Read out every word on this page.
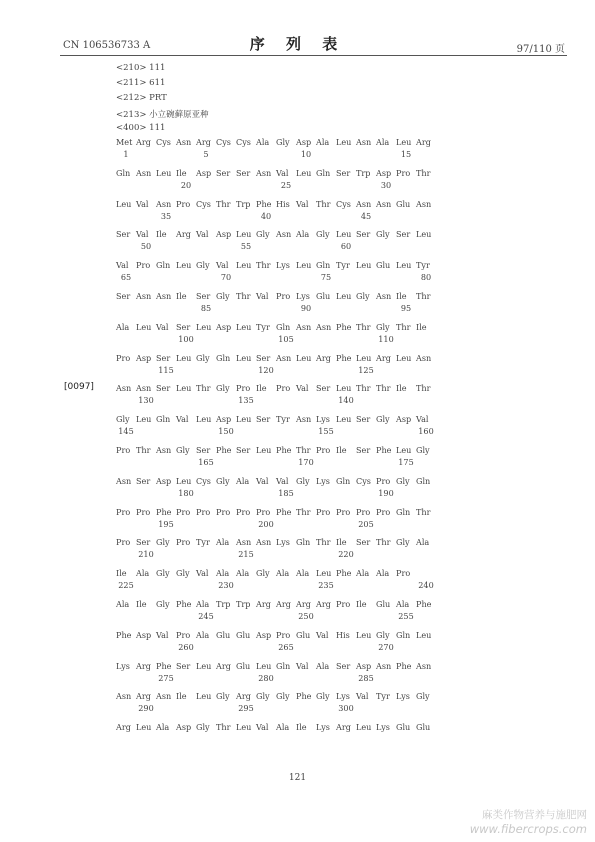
CN 106536733 A	序 列 表	97/110 页
<210> 111
<211> 611
<212> PRT
<213> 小立碗藓原亚种
<400> 111
[0097]
Met Arg Cys Asn Arg Cys Cys Ala Gly Asp Ala Leu Asn Ala Leu Arg
1	5	10	15
Gln Asn Leu Ile	Asp Ser Ser Asn Val Leu Gln Ser Trp Asp Pro Thr
20	25	30
Leu Val Asn Pro Cys Thr Trp Phe His Val Thr Cys Asn Asn Glu Asn
35	40	45
Ser Val Ile	Arg Val Asp Leu Gly Asn Ala Gly Leu Ser Gly Ser Leu
50	55	60
Val Pro Gln Leu Gly Val Leu Thr Lys Leu Gln Tyr Leu Glu Leu Tyr
65	70	75	80
Ser Asn Asn Ile	Ser Gly Thr Val Pro Lys Glu Leu Gly Asn Ile	Thr
85	90	95
Ala Leu Val Ser Leu Asp Leu Tyr Gln Asn Asn Phe Thr Gly Thr Ile
100	105	110
Pro Asp Ser Leu Gly Gln Leu Ser Asn Leu Arg Phe Leu Arg Leu Asn
115	120	125
Asn Asn Ser Leu Thr Gly Pro Ile	Pro Val Ser Leu Thr Thr Ile	Thr
130	135	140
Gly Leu Gln Val Leu Asp Leu Ser Tyr Asn Lys Leu Ser Gly Asp Val
145	150	155	160
Pro Thr Asn Gly Ser Phe Ser Leu Phe Thr Pro Ile	Ser Phe Leu Gly
165	170	175
Asn Ser Asp Leu Cys Gly Ala Val Val Gly Lys Gln Cys Pro Gly Gln
180	185	190
Pro Pro Phe Pro Pro Pro Pro Pro Phe Thr Pro Pro Pro Pro Gln Thr
195	200	205
Pro Ser Gly Pro Tyr Ala Asn Asn Lys Gln Thr Ile	Ser Thr Gly Ala
210	215	220
Ile	Ala Gly Gly Val Ala Ala Gly Ala Ala Leu Phe Ala Ala Pro
225	230	235	240
Ala Ile	Gly Phe Ala Trp Trp Arg Arg Arg Arg Pro Ile	Glu Ala Phe
245	250	255
Phe Asp Val Pro Ala Glu Glu Asp Pro Glu Val His Leu Gly Gln Leu
260	265	270
Lys Arg Phe Ser Leu Arg Glu Leu Gln Val Ala Ser Asp Asn Phe Asn
275	280	285
Asn Arg Asn Ile	Leu Gly Arg Gly Gly Phe Gly Lys Val Tyr Lys Gly
290	295	300
Arg Leu Ala Asp Gly Thr Leu Val Ala Ile	Lys Arg Leu Lys Glu Glu
121
麻类作物营养与施肥网
www.fibercrops.com
